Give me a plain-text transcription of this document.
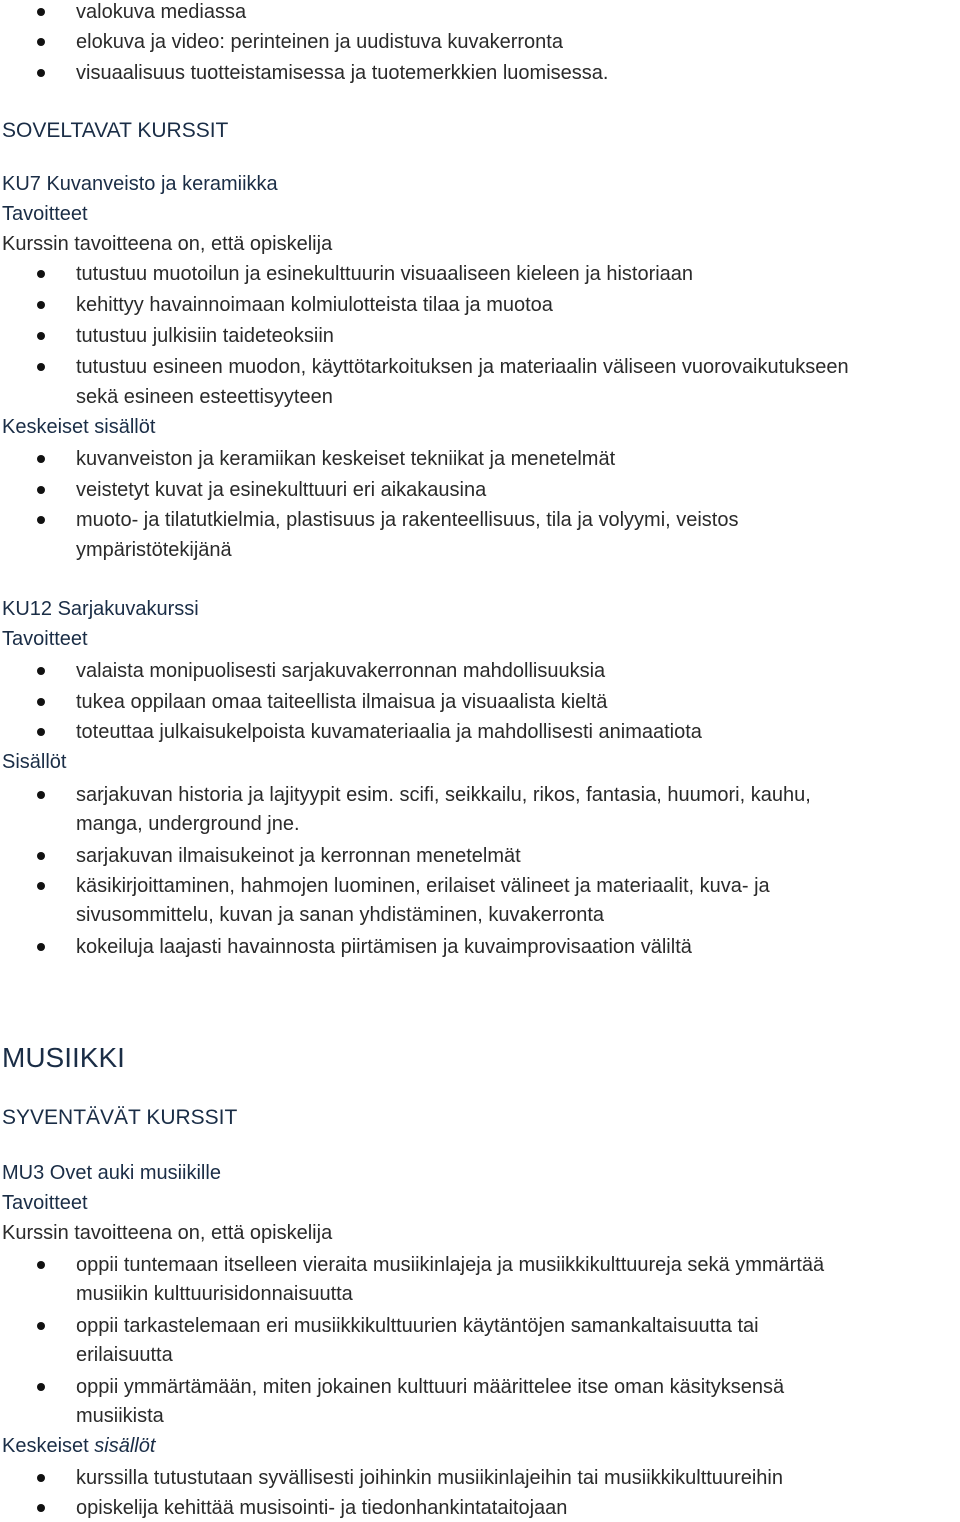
valokuva mediassa
elokuva ja video: perinteinen ja uudistuva kuvakerronta
visuaalisuus tuotteistamisessa ja tuotemerkkien luomisessa.
SOVELTAVAT KURSSIT
KU7 Kuvanveisto ja keramiikka
Tavoitteet
Kurssin tavoitteena on, että opiskelija
tutustuu muotoilun ja esinekulttuurin visuaaliseen kieleen ja historiaan
kehittyy havainnoimaan kolmiulotteista tilaa ja muotoa
tutustuu julkisiin taideteoksiin
tutustuu esineen muodon, käyttötarkoituksen ja materiaalin väliseen vuorovaikutukseen
sekä esineen esteettisyyteen
Keskeiset sisällöt
kuvanveiston ja keramiikan keskeiset tekniikat ja menetelmät
veistetyt kuvat ja esinekulttuuri eri aikakausina
muoto- ja tilatutkielmia, plastisuus ja rakenteellisuus, tila ja volyymi, veistos
ympäristötekijänä
KU12 Sarjakuvakurssi
Tavoitteet
valaista monipuolisesti sarjakuvakerronnan mahdollisuuksia
tukea oppilaan omaa taiteellista ilmaisua ja visuaalista kieltä
toteuttaa julkaisukelpoista kuvamateriaalia ja mahdollisesti animaatiota
Sisällöt
sarjakuvan historia ja lajityypit esim. scifi, seikkailu, rikos, fantasia, huumori, kauhu,
manga, underground jne.
sarjakuvan ilmaisukeinot ja kerronnan menetelmät
käsikirjoittaminen, hahmojen luominen, erilaiset välineet ja materiaalit, kuva- ja
sivusommittelu, kuvan ja sanan yhdistäminen, kuvakerronta
kokeiluja laajasti havainnosta piirtämisen ja kuvaimprovisaation väliltä
MUSIIKKI
SYVENTÄVÄT KURSSIT
MU3 Ovet auki musiikille
Tavoitteet
Kurssin tavoitteena on, että opiskelija
oppii tuntemaan itselleen vieraita musiikinlajeja ja musiikkikulttuureja sekä ymmärtää
musiikin kulttuurisidonnaisuutta
oppii tarkastelemaan eri musiikkikulttuurien käytäntöjen samankaltaisuutta tai
erilaisuutta
oppii ymmärtämään, miten jokainen kulttuuri määrittelee itse oman käsityksensä
musiikista
Keskeiset sisällöt
kurssilla tutustutaan syvällisesti joihinkin musiikinlajeihin tai musiikkikulttuureihin
opiskelija kehittää musisointi- ja tiedonhankintataitojaan
